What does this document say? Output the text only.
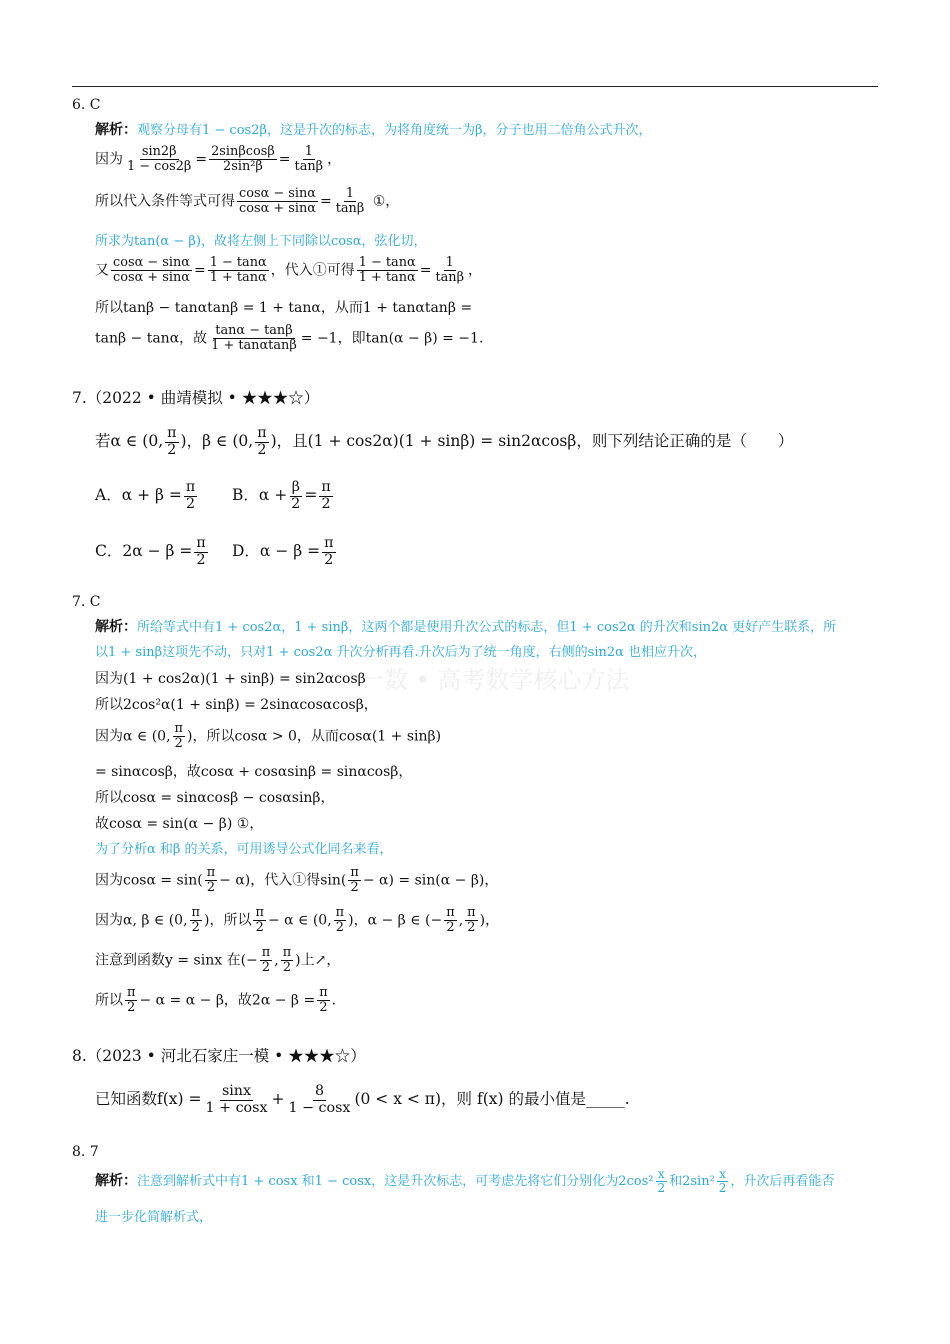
一数 • 高考数学核心方法
6. C
解析：观察分母有1 − cos2β，这是升次的标志，为将角度统一为β，分子也用二倍角公式升次，
因为 $\frac{\sin 2\beta}{1 - \cos 2\beta} = \frac{2\sin\beta\cos\beta}{\text{2sin²β}} = \frac{1}{\tan\beta}$ ，
所以代入条件等式可得 $\frac{\cos\alpha - \sin\alpha}{\cos\alpha + \sin\alpha} = \frac{1}{\tan\beta}$ ①，
所求为tan(α − β)，故将左侧上下同除以cosα，弦化切，
又 $\frac{\cos\alpha - \sin\alpha}{\cos\alpha + \sin\alpha} = \frac{1 - \tan\alpha}{1 + \tan\alpha}$ ，代入①可得 $\frac{1 - \tan\alpha}{1 + \tan\alpha} = \frac{1}{\tan\beta}$ ，
所以tanβ − tanαtanβ = 1 + tanα，从而1 + tanαtanβ =
tanβ − tanα，故 $\frac{\tan\alpha - \tan\beta}{1 + \tan\alpha\tan\beta} = -1$，即tan(α − β) = −1.
7.（2022 • 曲靖模拟 • ★★★☆）
若α ∈ (0, $\frac{\pi}{2}$ )，β ∈ (0, $\frac{\pi}{2}$ )，且(1 + cos2α)(1 + sinβ) = sin2αcosβ，则下列结论正确的是（　　）
A．$\alpha + \beta = \frac{\pi}{2}$ B．$\alpha + \frac{\beta}{2} = \frac{\pi}{2}$
C．$2\alpha - \beta = \frac{\pi}{2}$ D．$\alpha - \beta = \frac{\pi}{2}$
7. C
解析：所给等式中有1 + cos2α，1 + sinβ，这两个都是使用升次公式的标志，但1 + cos2α 的升次和sin2α 更好产生联系，所
以1 + sinβ这项先不动，只对1 + cos2α 升次分析再看.升次后为了统一角度，右侧的sin2α 也相应升次，
因为(1 + cos2α)(1 + sinβ) = sin2αcosβ
所以2cos²α(1 + sinβ) = 2sinαcosαcosβ，
因为α ∈ (0, $\frac{\pi}{2}$ )，所以cosα > 0，从而cosα(1 + sinβ)
= sinαcosβ，故cosα + cosαsinβ = sinαcosβ，
所以cosα = sinαcosβ − cosαsinβ，
故cosα = sin(α − β) ①，
为了分析α 和β 的关系，可用诱导公式化同名来看，
因为$\cos\alpha = \sin( \frac{\pi}{2} - \alpha)$，代入①得$\sin( \frac{\pi}{2} - \alpha) = \sin(\alpha - \beta)$，
因为α, β ∈ (0, $\frac{\pi}{2}$ )，所以 $\frac{\pi}{2} - \alpha$ ∈ (0, $\frac{\pi}{2}$ )，α − β ∈ (− $\frac{\pi}{2}$ , $\frac{\pi}{2}$ )，
注意到函数y = sinx 在(− $\frac{\pi}{2}$ , $\frac{\pi}{2}$ )上↗，
所以 $\frac{\pi}{2} - \alpha = \alpha - \beta$，故$2\alpha - \beta = \frac{\pi}{2}$ .
8.（2023 • 河北石家庄一模 • ★★★☆）
已知函数$f(x) = \frac{\sin x}{1 + \cos x} + \frac{8}{1 - \cos x} (0 < x < \pi)$，则 f(x) 的最小值是_____.
8. 7
解析：注意到解析式中有1 + cosx 和1 − cosx，这是升次标志，可考虑先将它们分别化为$2\cos^2 \frac{x}{2}$ 和$2\sin^2 \frac{x}{2}$ ，升次后再看能否
进一步化简解析式，
